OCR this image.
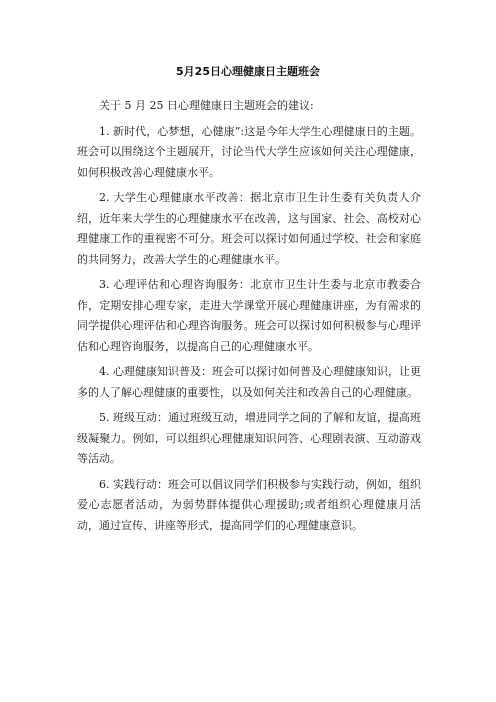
5月25日心理健康日主题班会

关于 5 月 25 日心理健康日主题班会的建议:

1. 新时代，心梦想，心健康”:这是今年大学生心理健康日的主题。班会可以围绕这个主题展开，讨论当代大学生应该如何关注心理健康，如何积极改善心理健康水平。

2. 大学生心理健康水平改善：据北京市卫生计生委有关负责人介绍，近年来大学生的心理健康水平在改善，这与国家、社会、高校对心理健康工作的重视密不可分。班会可以探讨如何通过学校、社会和家庭的共同努力，改善大学生的心理健康水平。

3. 心理评估和心理咨询服务：北京市卫生计生委与北京市教委合作，定期安排心理专家，走进大学课堂开展心理健康讲座，为有需求的同学提供心理评估和心理咨询服务。班会可以探讨如何积极参与心理评估和心理咨询服务，以提高自己的心理健康水平。

4. 心理健康知识普及：班会可以探讨如何普及心理健康知识，让更多的人了解心理健康的重要性，以及如何关注和改善自己的心理健康。

5. 班级互动：通过班级互动，增进同学之间的了解和友谊，提高班级凝聚力。例如，可以组织心理健康知识问答、心理剧表演、互动游戏等活动。

6. 实践行动：班会可以倡议同学们积极参与实践行动，例如，组织爱心志愿者活动，为弱势群体提供心理援助;或者组织心理健康月活动，通过宣传、讲座等形式，提高同学们的心理健康意识。
